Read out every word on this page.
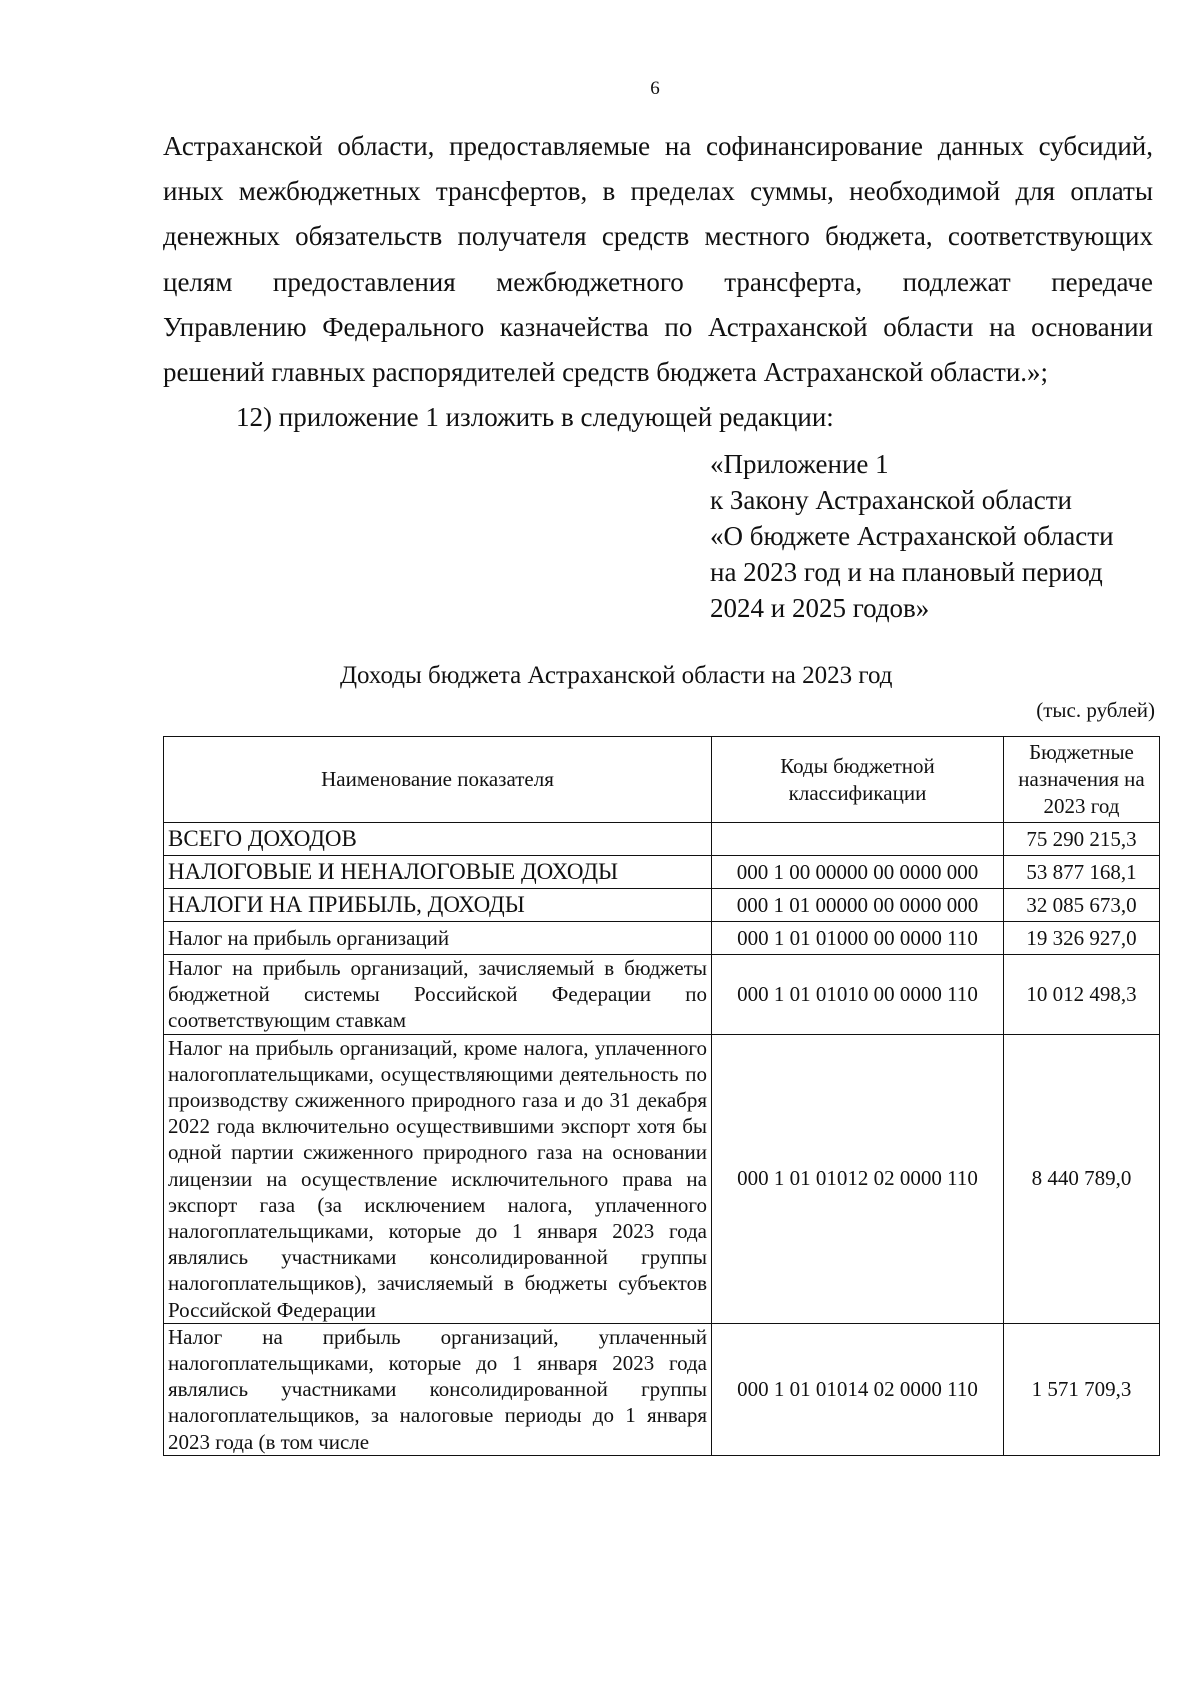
6
Астраханской области, предоставляемые на софинансирование данных субсидий,
иных межбюджетных трансфертов, в пределах суммы, необходимой для оплаты
денежных обязательств получателя средств местного бюджета, соответствующих
целям предоставления межбюджетного трансферта, подлежат передаче
Управлению Федерального казначейства по Астраханской области на основании
решений главных распорядителей средств бюджета Астраханской области.»;
12) приложение 1 изложить в следующей редакции:
«Приложение 1
к Закону Астраханской области
«О бюджете Астраханской области
на 2023 год и на плановый период
2024 и 2025 годов»
Доходы бюджета Астраханской области на 2023 год
(тыс. рублей)
Наименование показателя	Коды бюджетной классификации	Бюджетные назначения на 2023 год
ВСЕГО ДОХОДОВ		75 290 215,3
НАЛОГОВЫЕ И НЕНАЛОГОВЫЕ ДОХОДЫ	000 1 00 00000 00 0000 000	53 877 168,1
НАЛОГИ НА ПРИБЫЛЬ, ДОХОДЫ	000 1 01 00000 00 0000 000	32 085 673,0
Налог на прибыль организаций	000 1 01 01000 00 0000 110	19 326 927,0
Налог на прибыль организаций, зачисляемый в бюджеты бюджетной системы Российской Федерации по соответствующим ставкам	000 1 01 01010 00 0000 110	10 012 498,3
Налог на прибыль организаций, кроме налога, уплаченного налогоплательщиками, осуществляющими деятельность по производству сжиженного природного газа и до 31 декабря 2022 года включительно осуществившими экспорт хотя бы одной партии сжиженного природного газа на основании лицензии на осуществление исключительного права на экспорт газа (за исключением налога, уплаченного налогоплательщиками, которые до 1 января 2023 года являлись участниками консолидированной группы налогоплательщиков), зачисляемый в бюджеты субъектов Российской Федерации	000 1 01 01012 02 0000 110	8 440 789,0
Налог на прибыль организаций, уплаченный налогоплательщиками, которые до 1 января 2023 года являлись участниками консолидированной группы налогоплательщиков, за налоговые периоды до 1 января 2023 года (в том числе	000 1 01 01014 02 0000 110	1 571 709,3
